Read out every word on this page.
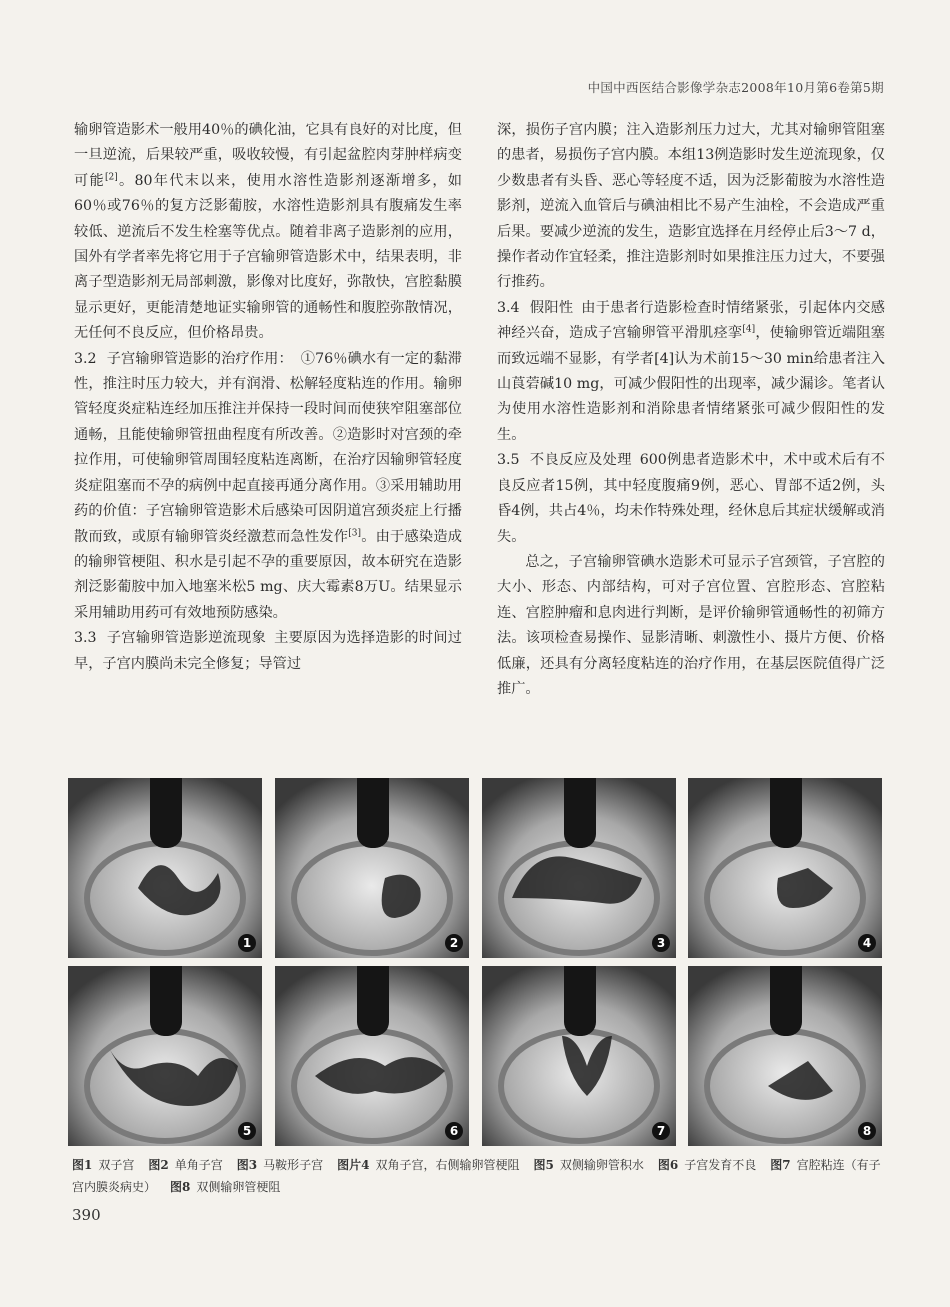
中国中西医结合影像学杂志2008年10月第6卷第5期

输卵管造影术一般用40％的碘化油，它具有良好的对比度，但一旦逆流，后果较严重，吸收较慢，有引起盆腔肉芽肿样病变可能[2]。80年代末以来，使用水溶性造影剂逐渐增多，如60％或76％的复方泛影葡胺，水溶性造影剂具有腹痛发生率较低、逆流后不发生栓塞等优点。随着非离子造影剂的应用，国外有学者率先将它用于子宫输卵管造影术中，结果表明，非离子型造影剂无局部刺激，影像对比度好，弥散快，宫腔黏膜显示更好，更能清楚地证实输卵管的通畅性和腹腔弥散情况，无任何不良反应，但价格昂贵。

3.2 子宫输卵管造影的治疗作用： ①76％碘水有一定的黏滞性，推注时压力较大，并有润滑、松解轻度粘连的作用。输卵管轻度炎症粘连经加压推注并保持一段时间而使狭窄阻塞部位通畅，且能使输卵管扭曲程度有所改善。②造影时对宫颈的牵拉作用，可使输卵管周围轻度粘连离断，在治疗因输卵管轻度炎症阻塞而不孕的病例中起直接再通分离作用。③采用辅助用药的价值：子宫输卵管造影术后感染可因阴道宫颈炎症上行播散而致，或原有输卵管炎经激惹而急性发作[3]。由于感染造成的输卵管梗阻、积水是引起不孕的重要原因，故本研究在造影剂泛影葡胺中加入地塞米松5 mg、庆大霉素8万U。结果显示采用辅助用药可有效地预防感染。

3.3 子宫输卵管造影逆流现象 主要原因为选择造影的时间过早，子宫内膜尚未完全修复；导管过

深，损伤子宫内膜；注入造影剂压力过大，尤其对输卵管阻塞的患者，易损伤子宫内膜。本组13例造影时发生逆流现象，仅少数患者有头昏、恶心等轻度不适，因为泛影葡胺为水溶性造影剂，逆流入血管后与碘油相比不易产生油栓，不会造成严重后果。要减少逆流的发生，造影宜选择在月经停止后3～7 d，操作者动作宜轻柔，推注造影剂时如果推注压力过大，不要强行推药。

3.4 假阳性 由于患者行造影检查时情绪紧张，引起体内交感神经兴奋，造成子宫输卵管平滑肌痉挛[4]，使输卵管近端阻塞而致远端不显影，有学者[4]认为术前15～30 min给患者注入山莨菪碱10 mg，可减少假阳性的出现率，减少漏诊。笔者认为使用水溶性造影剂和消除患者情绪紧张可减少假阳性的发生。

3.5 不良反应及处理 600例患者造影术中，术中或术后有不良反应者15例，其中轻度腹痛9例，恶心、胃部不适2例，头昏4例，共占4％，均未作特殊处理，经休息后其症状缓解或消失。

总之，子宫输卵管碘水造影术可显示子宫颈管，子宫腔的大小、形态、内部结构，可对子宫位置、宫腔形态、宫腔粘连、宫腔肿瘤和息肉进行判断，是评价输卵管通畅性的初筛方法。该项检查易操作、显影清晰、刺激性小、摄片方便、价格低廉，还具有分离轻度粘连的治疗作用，在基层医院值得广泛推广。

1	2	3	4
5	6	7	8
图1 双子宫 图2 单角子宫 图3 马鞍形子宫 图片4 双角子宫，右侧输卵管梗阻 图5 双侧输卵管积水 图6 子宫发育不良 图7 宫腔粘连（有子宫内膜炎病史） 图8 双侧输卵管梗阻
390
